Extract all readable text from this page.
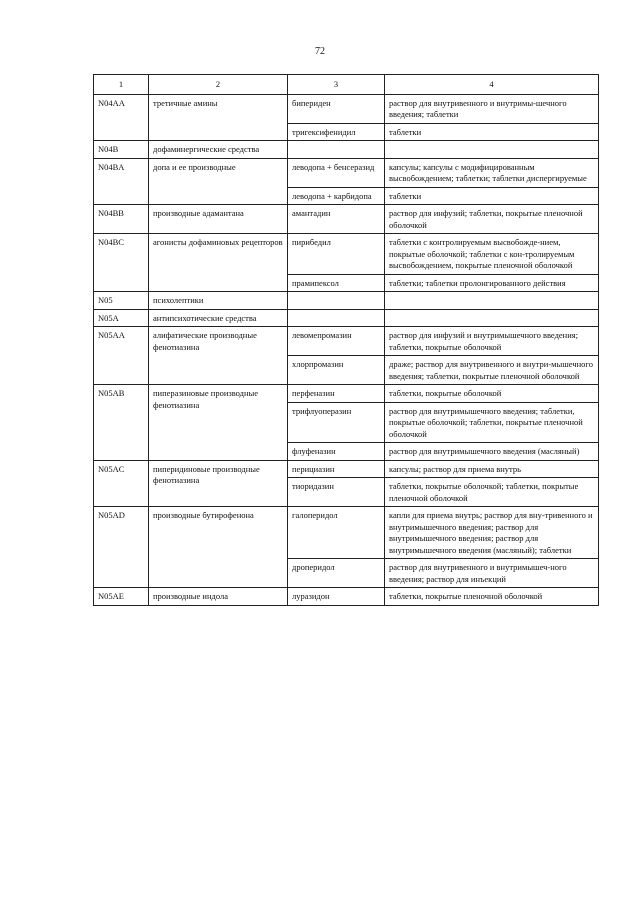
72
1	2	3	4
N04AA	третичные амины	бипериден	раствор для внутривенного и внутримы-шечного введения; таблетки
		тригексифенидил	таблетки
N04B	дофаминергические средства		
N04BA	допа и ее производные	леводопа + бенсеразид	капсулы; капсулы с модифицированным высвобождением; таблетки; таблетки диспергируемые
		леводопа + карбидопа	таблетки
N04BB	производные адамантана	амантадин	раствор для инфузий; таблетки, покрытые пленочной оболочкой
N04BC	агонисты дофаминовых рецепторов	пирибедил	таблетки с контролируемым высвобожде-нием, покрытые оболочкой; таблетки с кон-тролируемым высвобождением, покрытые пленочной оболочкой
		прамипексол	таблетки; таблетки пролонгированного действия
N05	психолептики		
N05A	антипсихотические средства		
N05AA	алифатические производные фенотиазина	левомепромазин	раствор для инфузий и внутримышечного введения; таблетки, покрытые оболочкой
		хлорпромазин	драже; раствор для внутривенного и внутри-мышечного введения; таблетки, покрытые пленочной оболочкой
N05AB	пиперазиновые производные фенотиазина	перфеназин	таблетки, покрытые оболочкой
		трифлуоперазин	раствор для внутримышечного введения; таблетки, покрытые оболочкой; таблетки, покрытые пленочной оболочкой
		флуфеназин	раствор для внутримышечного введения (масляный)
N05AC	пиперидиновые производные фенотиазина	перициазин	капсулы; раствор для приема внутрь
		тиоридазин	таблетки, покрытые оболочкой; таблетки, покрытые пленочной оболочкой
N05AD	производные бутирофенона	галоперидол	капли для приема внутрь; раствор для вну-тривенного и внутримышечного введения; раствор для внутримышечного введения; раствор для внутримышечного введения (масляный); таблетки
		дроперидол	раствор для внутривенного и внутримышеч-ного введения; раствор для инъекций
N05AE	производные индола	луразидон	таблетки, покрытые пленочной оболочкой
